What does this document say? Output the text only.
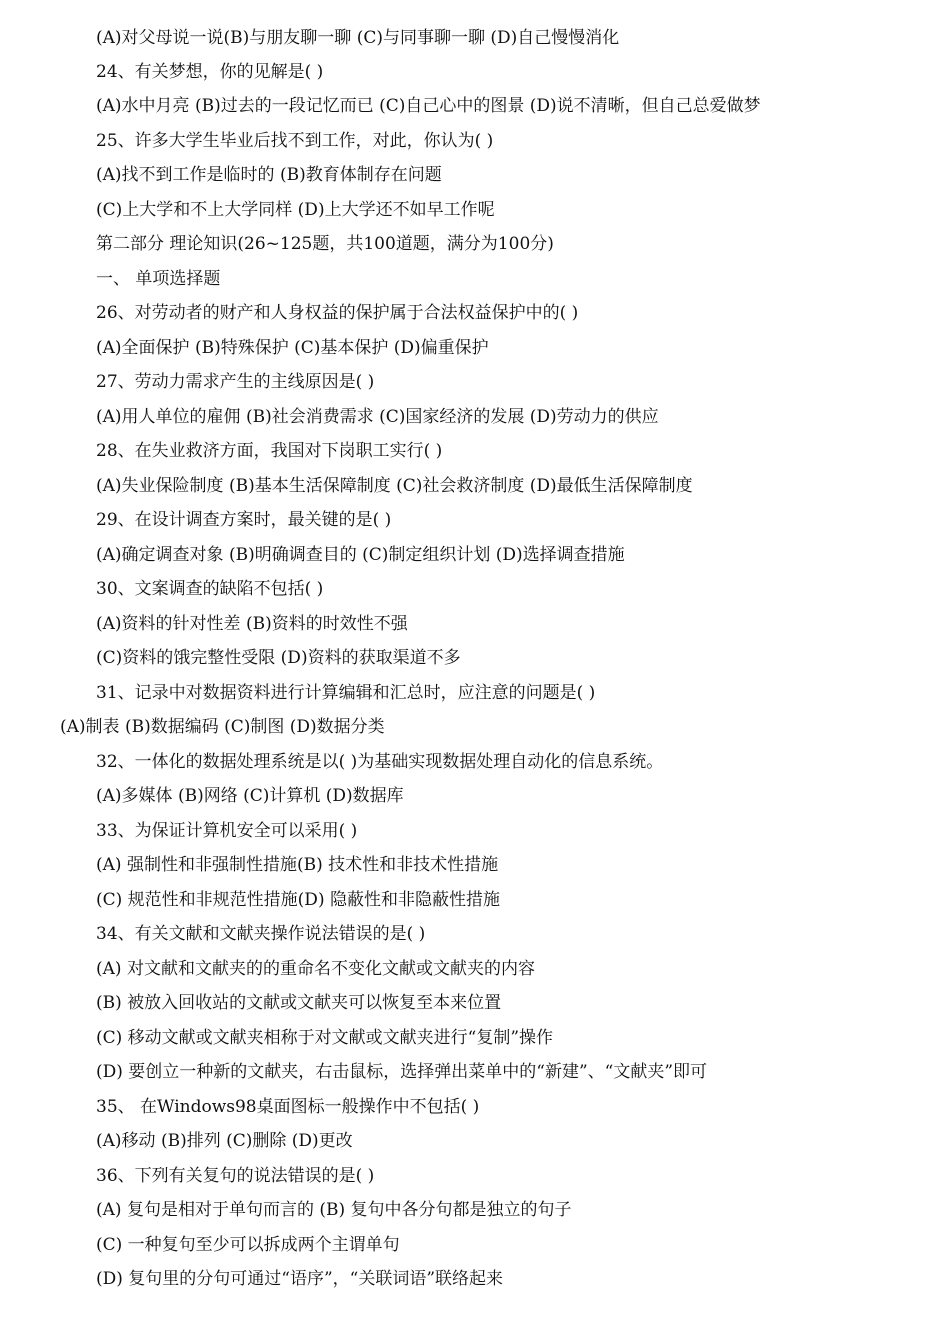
(A)对父母说一说(B)与朋友聊一聊 (C)与同事聊一聊 (D)自己慢慢消化
24、有关梦想，你的见解是( )
(A)水中月亮 (B)过去的一段记忆而已 (C)自己心中的图景 (D)说不清晰，但自己总爱做梦
25、许多大学生毕业后找不到工作，对此，你认为( )
(A)找不到工作是临时的 (B)教育体制存在问题
(C)上大学和不上大学同样 (D)上大学还不如早工作呢
第二部分 理论知识(26~125题，共100道题，满分为100分)
一、 单项选择题
26、对劳动者的财产和人身权益的保护属于合法权益保护中的( )
(A)全面保护 (B)特殊保护 (C)基本保护 (D)偏重保护
27、劳动力需求产生的主线原因是( )
(A)用人单位的雇佣 (B)社会消费需求 (C)国家经济的发展 (D)劳动力的供应
28、在失业救济方面，我国对下岗职工实行( )
(A)失业保险制度 (B)基本生活保障制度 (C)社会救济制度 (D)最低生活保障制度
29、在设计调查方案时，最关键的是( )
(A)确定调查对象 (B)明确调查目的 (C)制定组织计划 (D)选择调查措施
30、文案调查的缺陷不包括( )
(A)资料的针对性差 (B)资料的时效性不强
(C)资料的饿完整性受限 (D)资料的获取渠道不多
31、记录中对数据资料进行计算编辑和汇总时，应注意的问题是( )
(A)制表 (B)数据编码 (C)制图 (D)数据分类
32、一体化的数据处理系统是以( )为基础实现数据处理自动化的信息系统。
(A)多媒体 (B)网络 (C)计算机 (D)数据库
33、为保证计算机安全可以采用( )
(A) 强制性和非强制性措施(B) 技术性和非技术性措施
(C) 规范性和非规范性措施(D) 隐蔽性和非隐蔽性措施
34、有关文献和文献夹操作说法错误的是( )
(A) 对文献和文献夹的的重命名不变化文献或文献夹的内容
(B) 被放入回收站的文献或文献夹可以恢复至本来位置
(C) 移动文献或文献夹相称于对文献或文献夹进行“复制”操作
(D) 要创立一种新的文献夹，右击鼠标，选择弹出菜单中的“新建”、“文献夹”即可
35、 在Windows98桌面图标一般操作中不包括( )
(A)移动 (B)排列 (C)删除 (D)更改
36、下列有关复句的说法错误的是( )
(A) 复句是相对于单句而言的 (B) 复句中各分句都是独立的句子
(C) 一种复句至少可以拆成两个主谓单句
(D) 复句里的分句可通过“语序”，“关联词语”联络起来
